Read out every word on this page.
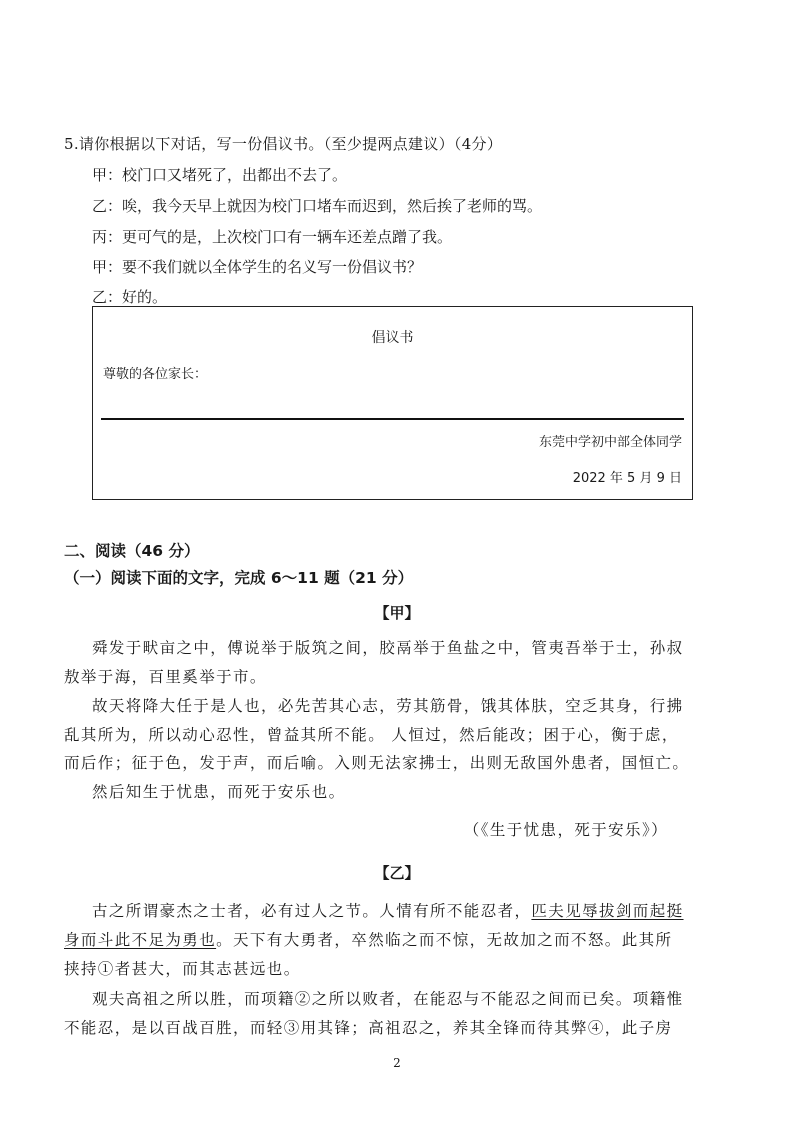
5.请你根据以下对话，写一份倡议书。（至少提两点建议）（4分）
甲：校门口又堵死了，出都出不去了。
乙：唉，我今天早上就因为校门口堵车而迟到，然后挨了老师的骂。
丙：更可气的是，上次校门口有一辆车还差点蹭了我。
甲：要不我们就以全体学生的名义写一份倡议书？
乙：好的。
倡议书
尊敬的各位家长：
东莞中学初中部全体同学
2022 年 5 月 9 日
二、阅读（46 分）
（一）阅读下面的文字，完成 6～11 题（21 分）
【甲】
舜发于畎亩之中，傅说举于版筑之间，胶鬲举于鱼盐之中，管夷吾举于士，孙叔
敖举于海，百里奚举于市。
故天将降大任于是人也，必先苦其心志，劳其筋骨，饿其体肤，空乏其身，行拂
乱其所为，所以动心忍性，曾益其所不能。 人恒过，然后能改；困于心，衡于虑，
而后作；征于色，发于声，而后喻。入则无法家拂士，出则无敌国外患者，国恒亡。
然后知生于忧患，而死于安乐也。
（《生于忧患，死于安乐》）
【乙】
古之所谓豪杰之士者，必有过人之节。人情有所不能忍者，匹夫见辱拔剑而起挺
身而斗此不足为勇也。天下有大勇者，卒然临之而不惊，无故加之而不怒。此其所
挟持①者甚大，而其志甚远也。
观夫高祖之所以胜，而项籍②之所以败者，在能忍与不能忍之间而已矣。项籍惟
不能忍，是以百战百胜，而轻③用其锋；高祖忍之，养其全锋而待其弊④，此子房
2
